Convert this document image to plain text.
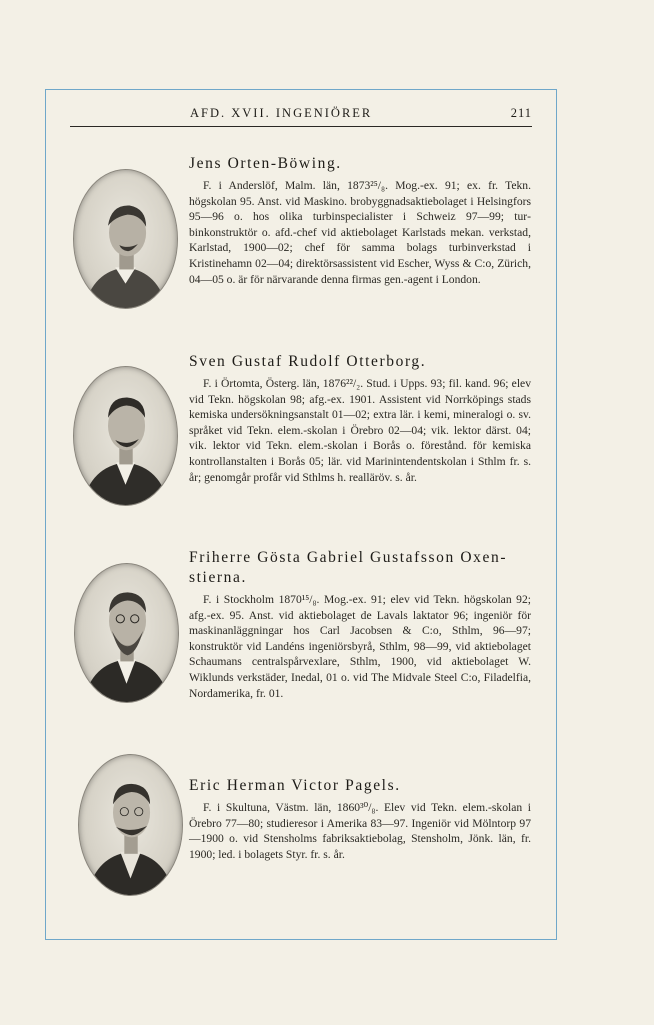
AFD. XVII. INGENIÖRER	211
Jens Orten-Böwing.

F. i Anderslöf, Malm. län, 1873²⁵/₈. Mog.-ex. 91; ex. fr. Tekn. högskolan 95. Anst. vid Maskino. brobyggnadsaktiebolaget i Helsingfors 95—96 o. hos olika turbinspecialister i Schweiz 97—99; turbinkonstruktör o. afd.-chef vid aktiebolaget Karlstads mekan. verkstad, Karlstad, 1900—02; chef för samma bolags turbinverkstad i Kristinehamn 02—04; direktörsassistent vid Escher, Wyss & C:o, Zürich, 04—05 o. är för närvarande denna firmas gen.-agent i London.

Sven Gustaf Rudolf Otterborg.

F. i Örtomta, Österg. län, 1876²²/₂. Stud. i Upps. 93; fil. kand. 96; elev vid Tekn. högskolan 98; afg.-ex. 1901. Assistent vid Norrköpings stads kemiska undersökningsanstalt 01—02; extra lär. i kemi, mineralogi o. sv. språket vid Tekn. elem.-skolan i Örebro 02—04; vik. lektor därst. 04; vik. lektor vid Tekn. elem.-skolan i Borås o. förestånd. för kemiska kontrollanstalten i Borås 05; lär. vid Marinintendentskolan i Sthlm fr. s. år; genomgår profår vid Sthlms h. realläröv. s. år.

Friherre Gösta Gabriel Gustafsson Oxenstierna.

F. i Stockholm 1870¹⁵/₈. Mog.-ex. 91; elev vid Tekn. högskolan 92; afg.-ex. 95. Anst. vid aktiebolaget de Lavals laktator 96; ingeniör för maskinanläggningar hos Carl Jacobsen & C:o, Sthlm, 96—97; konstruktör vid Landéns ingeniörsbyrå, Sthlm, 98—99, vid aktiebolaget Schaumans centralspårvexlare, Sthlm, 1900, vid aktiebolaget W. Wiklunds verkstäder, Inedal, 01 o. vid The Midvale Steel C:o, Filadelfia, Nordamerika, fr. 01.

Eric Herman Victor Pagels.

F. i Skultuna, Västm. län, 1860³⁰/₈. Elev vid Tekn. elem.-skolan i Örebro 77—80; studieresor i Amerika 83—97. Ingeniör vid Mölntorp 97—1900 o. vid Stensholms fabriksaktiebolag, Stensholm, Jönk. län, fr. 1900; led. i bolagets Styr. fr. s. år.
